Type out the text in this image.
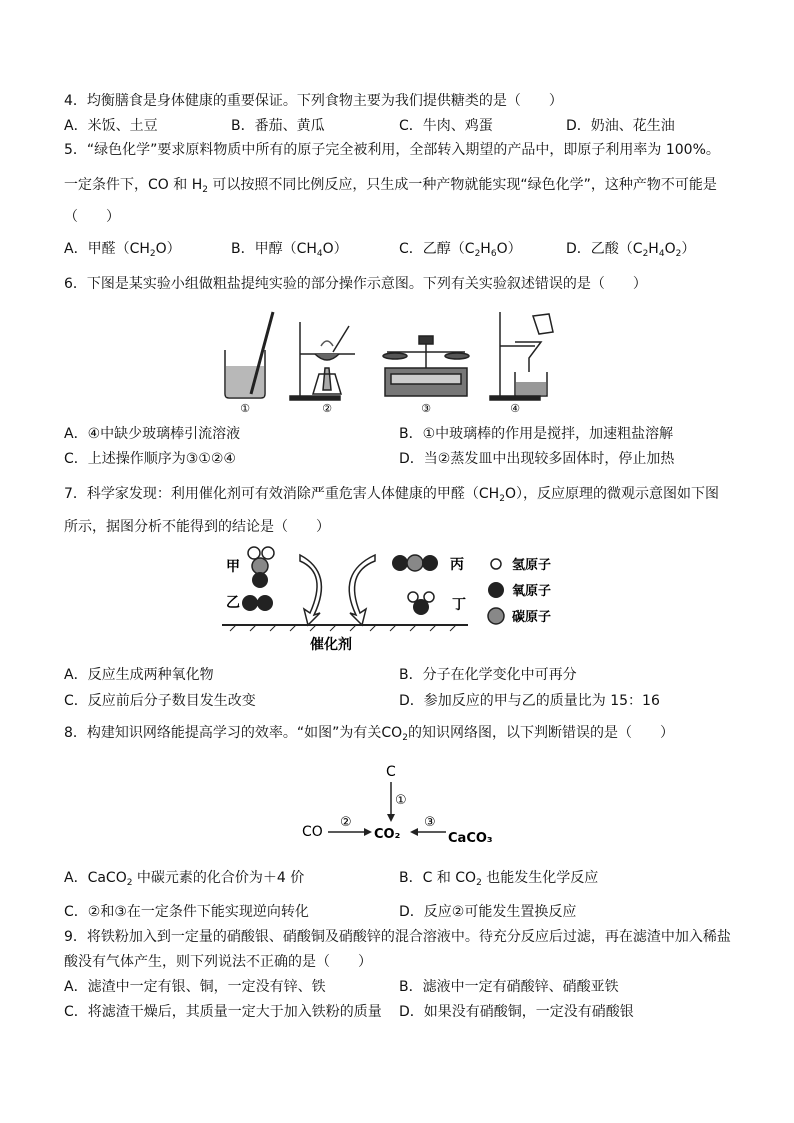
4．均衡膳食是身体健康的重要保证。下列食物主要为我们提供糖类的是（　　）
A．米饭、土豆	B．番茄、黄瓜	C．牛肉、鸡蛋	D．奶油、花生油
5．“绿色化学”要求原料物质中所有的原子完全被利用，全部转入期望的产品中，即原子利用率为 100%。
一定条件下，CO 和 $H_2$ 可以按照不同比例反应，只生成一种产物就能实现“绿色化学”，这种产物不可能是
（　　）
A．甲醛$(CH_2O)$	B．甲醇$(CH_4O)$	C．乙醇$(C_2H_6O)$	D．乙酸$(C_2H_4O_2)$
6．下图是某实验小组做粗盐提纯实验的部分操作示意图。下列有关实验叙述错误的是（　　）
①	②	③	④
A．④中缺少玻璃棒引流溶液	B．①中玻璃棒的作用是搅拌，加速粗盐溶解
C．上述操作顺序为③①②④	D．当②蒸发皿中出现较多固体时，停止加热
7．科学家发现：利用催化剂可有效消除严重危害人体健康的甲醛$(CH_2O)$，反应原理的微观示意图如下图
所示，据图分析不能得到的结论是（　　）
甲
乙
丙
丁
氢原子
氧原子
碳原子
催化剂
A．反应生成两种氧化物	B．分子在化学变化中可再分
C．反应前后分子数目发生改变	D．参加反应的甲与乙的质量比为 15：16
8．构建知识网络能提高学习的效率。“如图”为有关$CO_2$的知识网络图，以下判断错误的是（　　）
C
①
CO
②
CO₂
③
CaCO₃
A．CaCO$_2$ 中碳元素的化合价为＋4 价	B．C 和 $CO_2$ 也能发生化学反应
C．②和③在一定条件下能实现逆向转化	D．反应②可能发生置换反应
9．将铁粉加入到一定量的硝酸银、硝酸铜及硝酸锌的混合溶液中。待充分反应后过滤，再在滤渣中加入稀盐
酸没有气体产生，则下列说法不正确的是（　　）
A．滤渣中一定有银、铜，一定没有锌、铁	B．滤液中一定有硝酸锌、硝酸亚铁
C．将滤渣干燥后，其质量一定大于加入铁粉的质量 D．如果没有硝酸铜，一定没有硝酸银
